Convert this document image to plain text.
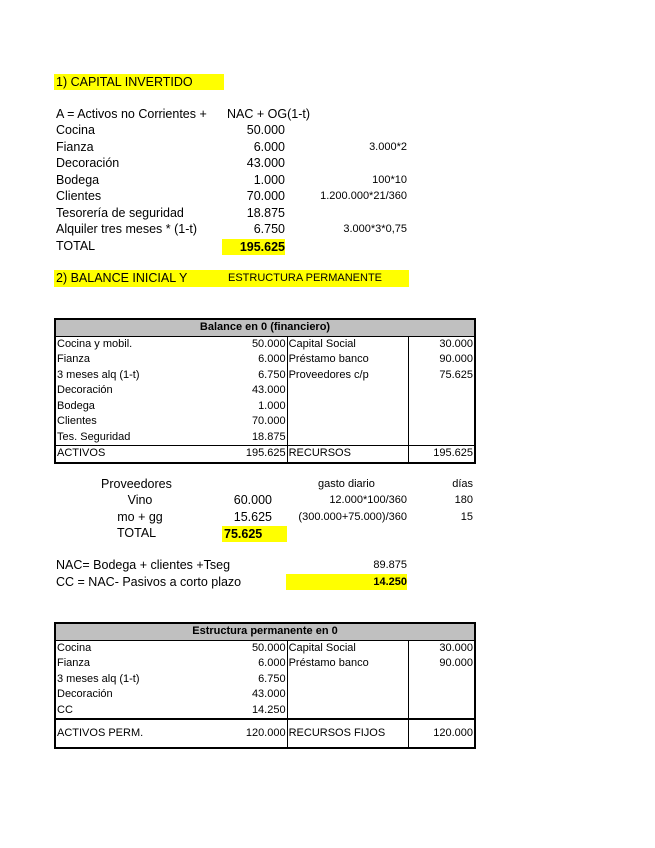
1) CAPITAL INVERTIDO
A = Activos no Corrientes + NAC + OG(1-t)
Cocina	50.000
Fianza	6.000	3.000*2
Decoración	43.000
Bodega	1.000	100*10
Clientes	70.000	1.200.000*21/360
Tesorería de seguridad	18.875
Alquiler tres meses * (1-t)	6.750	3.000*3*0,75
TOTAL	195.625
2) BALANCE INICIAL Y	ESTRUCTURA PERMANENTE
Balance en 0 (financiero)			
Cocina y mobil.	50.000	Capital Social	30.000
Fianza	6.000	Préstamo banco	90.000
3 meses alq (1-t)	6.750	Proveedores c/p	75.625
Decoración	43.000		
Bodega	1.000		
Clientes	70.000		
Tes. Seguridad	18.875		
ACTIVOS	195.625	RECURSOS	195.625
Proveedores	gasto diario	días
Vino	60.000	12.000*100/360	180
mo + gg	15.625	(300.000+75.000)/360	15
TOTAL	75.625
NAC= Bodega + clientes +Tseg	89.875
CC = NAC- Pasivos a corto plazo	14.250
Estructura permanente en 0			
Cocina	50.000	Capital Social	30.000
Fianza	6.000	Préstamo banco	90.000
3 meses alq (1-t)	6.750		
Decoración	43.000		
CC	14.250		
ACTIVOS PERM.	120.000	RECURSOS FIJOS	120.000
